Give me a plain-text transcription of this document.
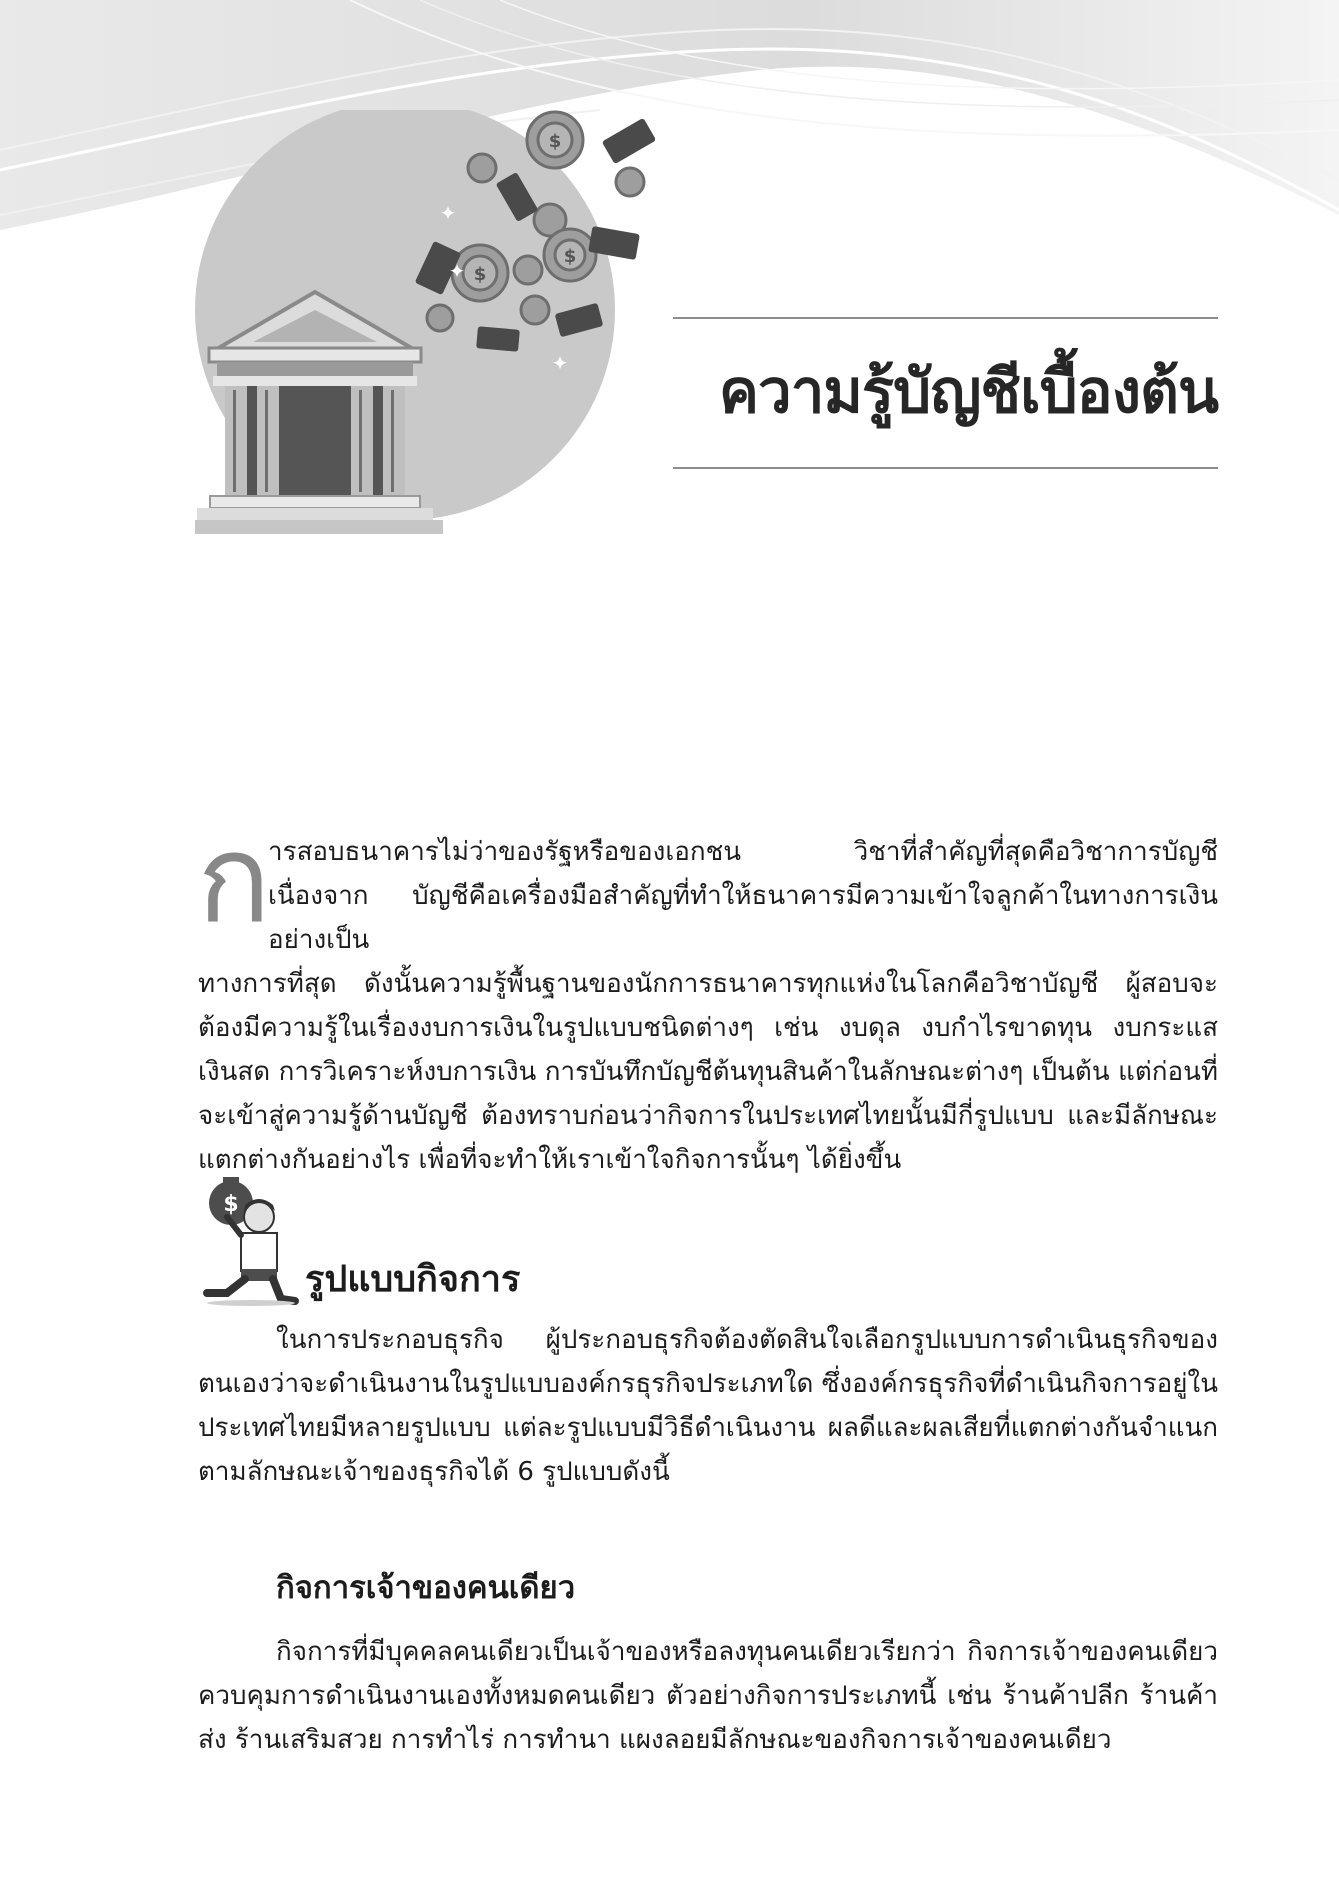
$
$
$
✦
✦
✦	ความรู้บัญชีเบื้องต้น
ก
ารสอบธนาคารไม่ว่าของรัฐหรือของเอกชน วิชาที่สำคัญที่สุดคือวิชาการบัญชี เนื่องจาก บัญชีคือเครื่องมือสำคัญที่ทำให้ธนาคารมีความเข้าใจลูกค้าในทางการเงินอย่างเป็น
ทางการที่สุด ดังนั้นความรู้พื้นฐานของนักการธนาคารทุกแห่งในโลกคือวิชาบัญชี ผู้สอบจะต้องมีความรู้ในเรื่องงบการเงินในรูปแบบชนิดต่างๆ เช่น งบดุล งบกำไรขาดทุน งบกระแสเงินสด การวิเคราะห์งบการเงิน การบันทึกบัญชีต้นทุนสินค้าในลักษณะต่างๆ เป็นต้น แต่ก่อนที่จะเข้าสู่ความรู้ด้านบัญชี ต้องทราบก่อนว่ากิจการในประเทศไทยนั้นมีกี่รูปแบบ และมีลักษณะแตกต่างกันอย่างไร เพื่อที่จะทำให้เราเข้าใจกิจการนั้นๆ ได้ยิ่งขึ้น
$
รูปแบบกิจการ
ในการประกอบธุรกิจ ผู้ประกอบธุรกิจต้องตัดสินใจเลือกรูปแบบการดำเนินธุรกิจของตนเองว่าจะดำเนินงานในรูปแบบองค์กรธุรกิจประเภทใด ซึ่งองค์กรธุรกิจที่ดำเนินกิจการอยู่ในประเทศไทยมีหลายรูปแบบ แต่ละรูปแบบมีวิธีดำเนินงาน ผลดีและผลเสียที่แตกต่างกันจำแนกตามลักษณะเจ้าของธุรกิจได้ 6 รูปแบบดังนี้
กิจการเจ้าของคนเดียว
กิจการที่มีบุคคลคนเดียวเป็นเจ้าของหรือลงทุนคนเดียวเรียกว่า กิจการเจ้าของคนเดียว ควบคุมการดำเนินงานเองทั้งหมดคนเดียว ตัวอย่างกิจการประเภทนี้ เช่น ร้านค้าปลีก ร้านค้าส่ง ร้านเสริมสวย การทำไร่ การทำนา แผงลอยมีลักษณะของกิจการเจ้าของคนเดียว
